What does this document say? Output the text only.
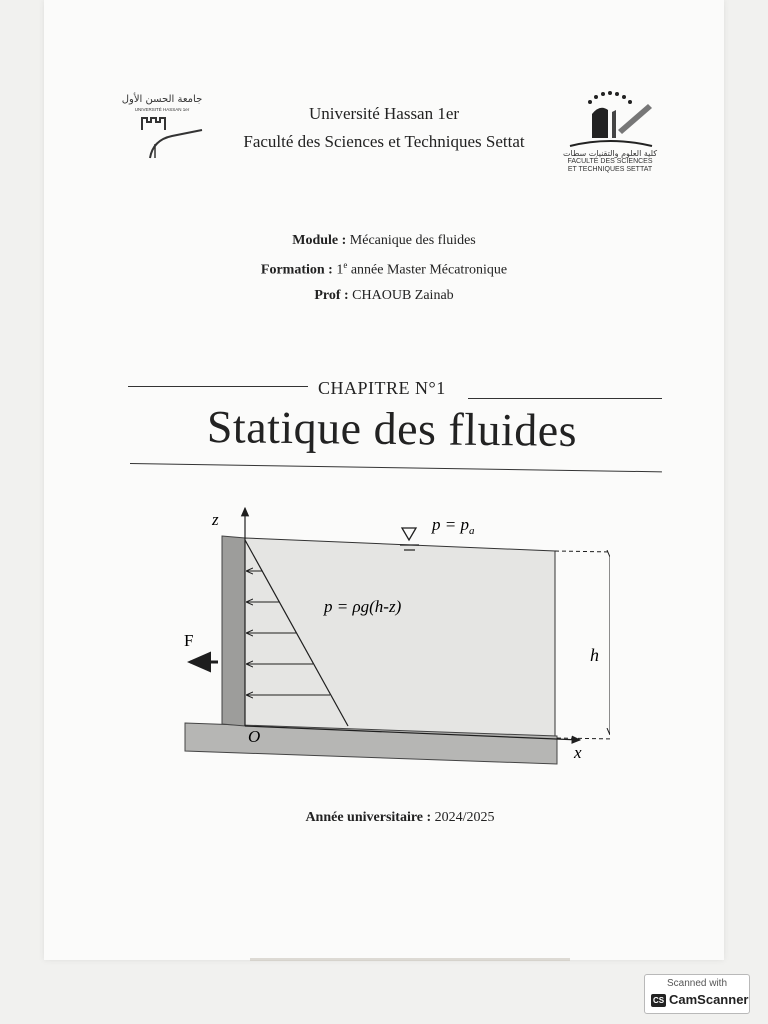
جامعة الحسن الأول
UNIVERSITÉ HASSAN 1er	Université Hassan 1er
Faculté des Sciences et Techniques Settat
كلية العلوم والتقنيات سطات
FACULTÉ DES SCIENCES
ET TECHNIQUES SETTAT
Module : Mécanique des fluides
Formation : 1e année Master Mécatronique
Prof : CHAOUB Zainab
CHAPITRE N°1
Statique des fluides
F
$p = p_a$
p = ρg(h-z)
z
x
O
h
Année universitaire : 2024/2025
Scanned with
CS CamScanner
